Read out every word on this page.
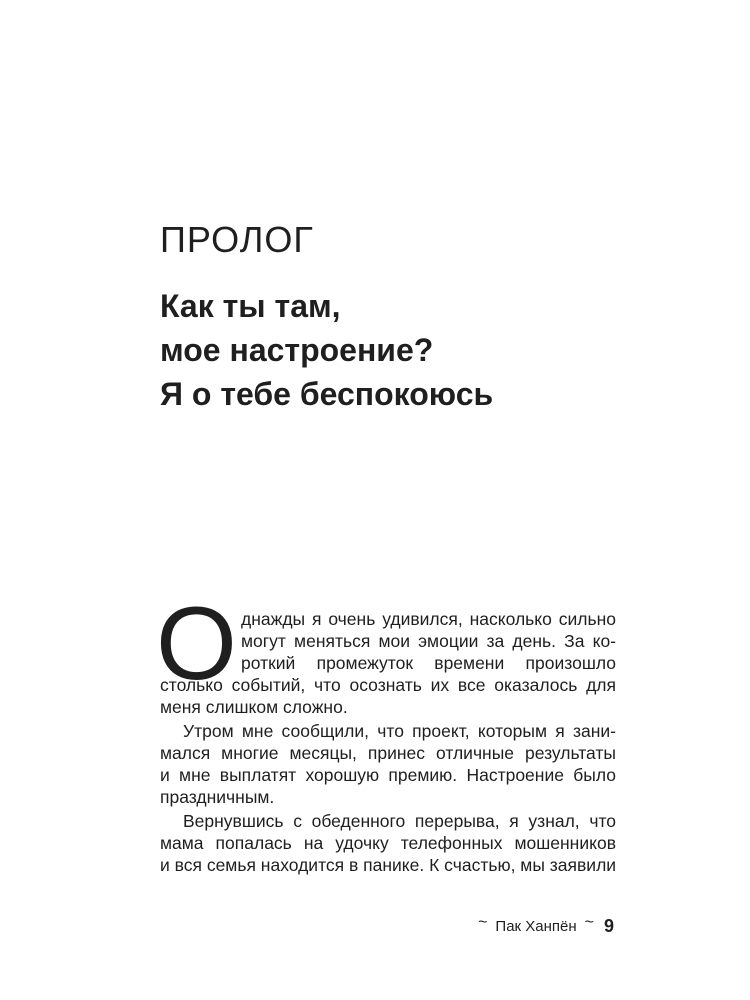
ПРОЛОГ
Как ты там,
мое настроение?
Я о тебе беспокоюсь
О днажды я очень удивился, насколько сильно
могут меняться мои эмоции за день. За ко-
роткий промежуток времени произошло
столько событий, что осознать их все оказалось для
меня слишком сложно.
Утром мне сообщили, что проект, которым я зани-
мался многие месяцы, принес отличные результаты
и мне выплатят хорошую премию. Настроение было
праздничным.
Вернувшись с обеденного перерыва, я узнал, что
мама попалась на удочку телефонных мошенников
и вся семья находится в панике. К счастью, мы заявили
~ Пак Ханпён ~ 9
